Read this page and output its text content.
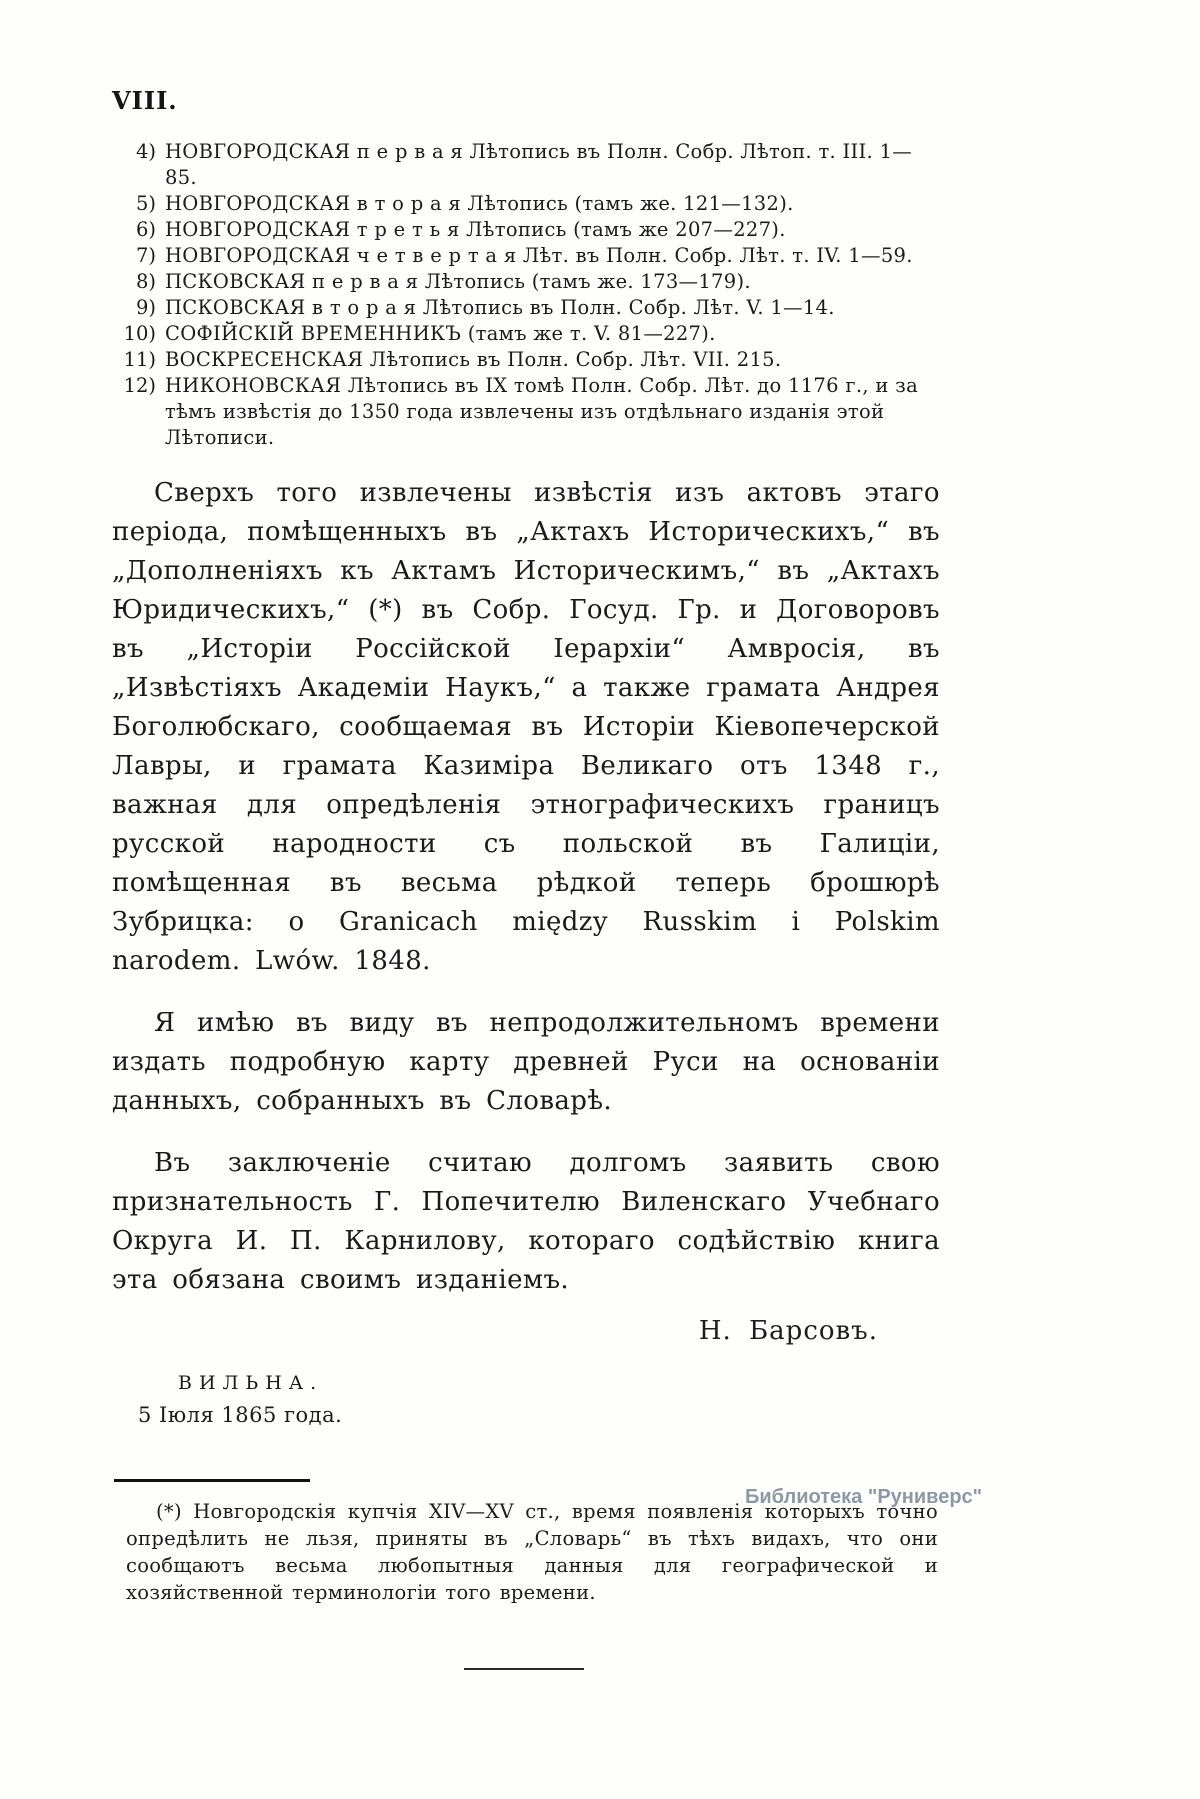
VIII.
4) НОВГОРОДСКАЯ п е р в а я Лѣтопись въ Полн. Собр. Лѣтоп. т. III. 1—85.
5) НОВГОРОДСКАЯ в т о р а я Лѣтопись (тамъ же. 121—132).
6) НОВГОРОДСКАЯ т р е т ь я Лѣтопись (тамъ же 207—227).
7) НОВГОРОДСКАЯ ч е т в е р т а я Лѣт. въ Полн. Собр. Лѣт. т. IV. 1—59.
8) ПСКОВСКАЯ п е р в а я Лѣтопись (тамъ же. 173—179).
9) ПСКОВСКАЯ в т о р а я Лѣтопись въ Полн. Собр. Лѣт. V. 1—14.
10) СОФІЙСКІЙ ВРЕМЕННИКЪ (тамъ же т. V. 81—227).
11) ВОСКРЕСЕНСКАЯ Лѣтопись въ Полн. Собр. Лѣт. VII. 215.
12) НИКОНОВСКАЯ Лѣтопись въ IX томѣ Полн. Собр. Лѣт. до 1176 г., и за тѣмъ извѣстія до 1350 года извлечены изъ отдѣльнаго изданія этой Лѣтописи.
Сверхъ того извлечены извѣстія изъ актовъ этаго періода, помѣщенныхъ въ „Актахъ Историческихъ,“ въ „Дополненіяхъ къ Актамъ Историческимъ,“ въ „Актахъ Юридическихъ,“ (*) въ Собр. Госуд. Гр. и Договоровъ въ „Исторіи Россійской Іерархіи“ Амвросія, въ „Извѣстіяхъ Академіи Наукъ,“ а также грамата Андрея Боголюбскаго, сообщаемая въ Исторіи Кіевопечерской Лавры, и грамата Казиміра Великаго отъ 1348 г., важная для опредѣленія этнографическихъ границъ русской народности съ польской въ Галиціи, помѣщенная въ весьма рѣдкой теперь брошюрѣ Зубрицка: o Granicach między Russkim i Polskim narodem. Lwów. 1848.
Я имѣю въ виду въ непродолжительномъ времени издать подробную карту древней Руси на основаніи данныхъ, собранныхъ въ Словарѣ.
Въ заключеніе считаю долгомъ заявить свою признательность Г. Попечителю Виленскаго Учебнаго Округа И. П. Карнилову, котораго содѣйствію книга эта обязана своимъ изданіемъ.
Н. Барсовъ.
ВИЛЬНА.
5 Іюля 1865 года.
(*) Новгородскія купчія XIV—XV ст., время появленія которыхъ точно опредѣлить не льзя, приняты въ „Словарь“ въ тѣхъ видахъ, что они сообщаютъ весьма любопытныя данныя для географической и хозяйственной терминологіи того времени.
Библиотека "Руниверс"
